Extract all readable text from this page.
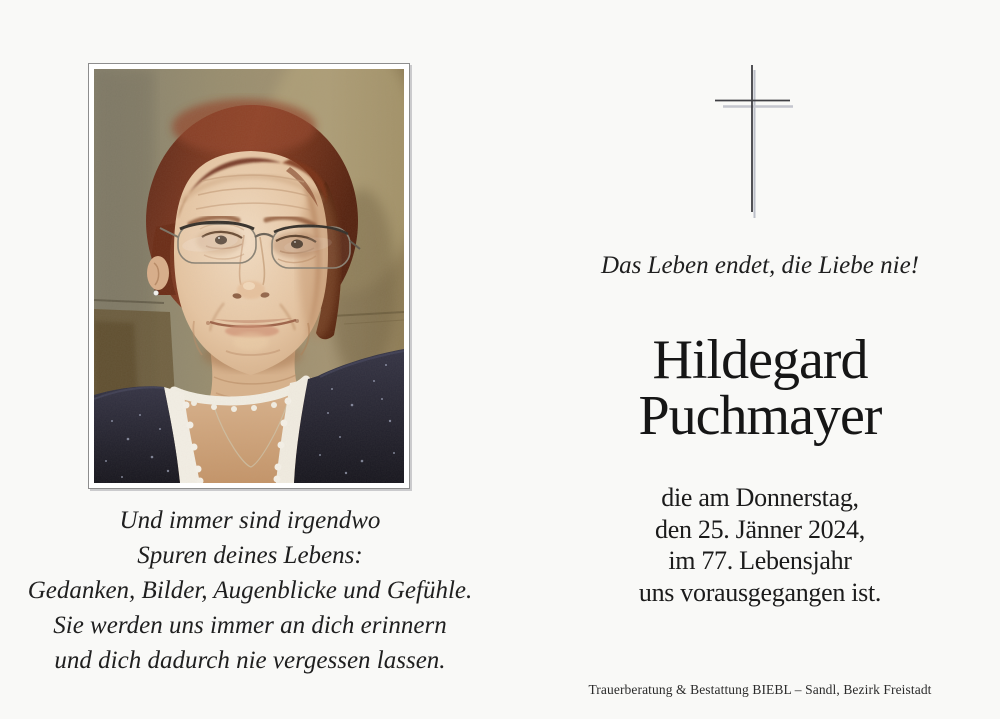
Und immer sind irgendwo
Spuren deines Lebens:
Gedanken, Bilder, Augenblicke und Gefühle.
Sie werden uns immer an dich erinnern
und dich dadurch nie vergessen lassen.
Das Leben endet, die Liebe nie!
Hildegard
Puchmayer
die am Donnerstag,
den 25. Jänner 2024,
im 77. Lebensjahr
uns vorausgegangen ist.
Trauerberatung & Bestattung BIEBL – Sandl, Bezirk Freistadt
